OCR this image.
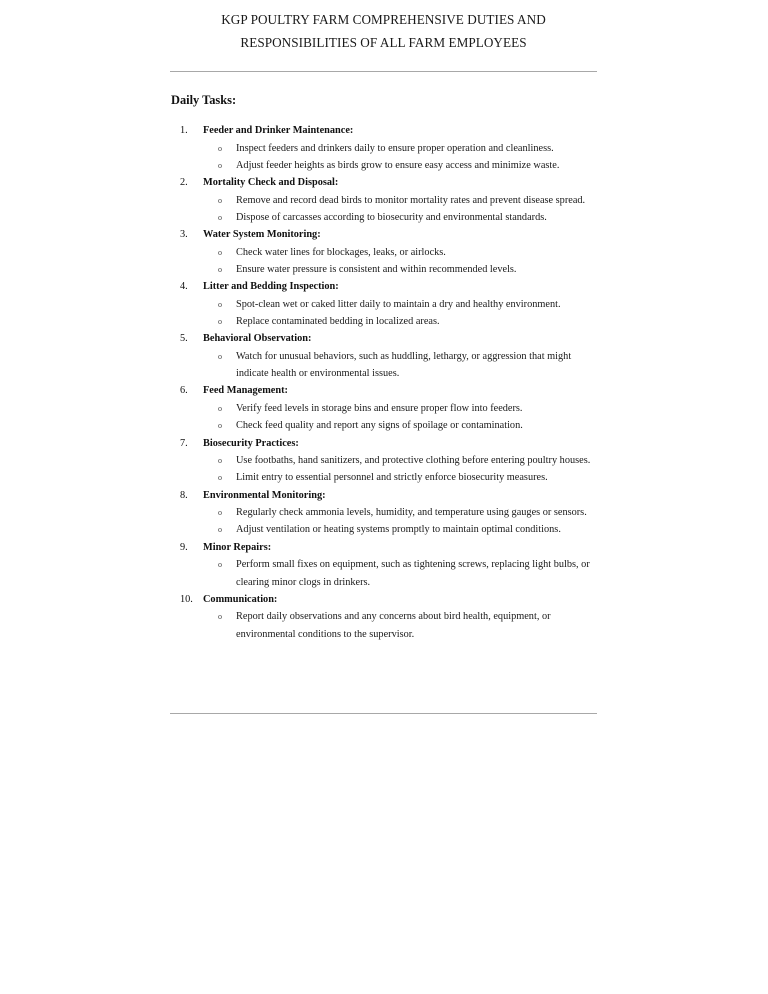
KGP POULTRY FARM COMPREHENSIVE DUTIES AND
RESPONSIBILITIES OF ALL FARM EMPLOYEES
Daily Tasks:
1.	Feeder and Drinker Maintenance:
o Inspect feeders and drinkers daily to ensure proper operation and cleanliness.
o Adjust feeder heights as birds grow to ensure easy access and minimize waste.
2.	Mortality Check and Disposal:
o Remove and record dead birds to monitor mortality rates and prevent disease spread.
o Dispose of carcasses according to biosecurity and environmental standards.
3.	Water System Monitoring:
o Check water lines for blockages, leaks, or airlocks.
o Ensure water pressure is consistent and within recommended levels.
4.	Litter and Bedding Inspection:
o Spot-clean wet or caked litter daily to maintain a dry and healthy environment.
o Replace contaminated bedding in localized areas.
5.	Behavioral Observation:
o Watch for unusual behaviors, such as huddling, lethargy, or aggression that might indicate health or environmental issues.
6.	Feed Management:
o Verify feed levels in storage bins and ensure proper flow into feeders.
o Check feed quality and report any signs of spoilage or contamination.
7.	Biosecurity Practices:
o Use footbaths, hand sanitizers, and protective clothing before entering poultry houses.
o Limit entry to essential personnel and strictly enforce biosecurity measures.
8.	Environmental Monitoring:
o Regularly check ammonia levels, humidity, and temperature using gauges or sensors.
o Adjust ventilation or heating systems promptly to maintain optimal conditions.
9.	Minor Repairs:
o Perform small fixes on equipment, such as tightening screws, replacing light bulbs, or clearing minor clogs in drinkers.
10. Communication:
o Report daily observations and any concerns about bird health, equipment, or environmental conditions to the supervisor.
